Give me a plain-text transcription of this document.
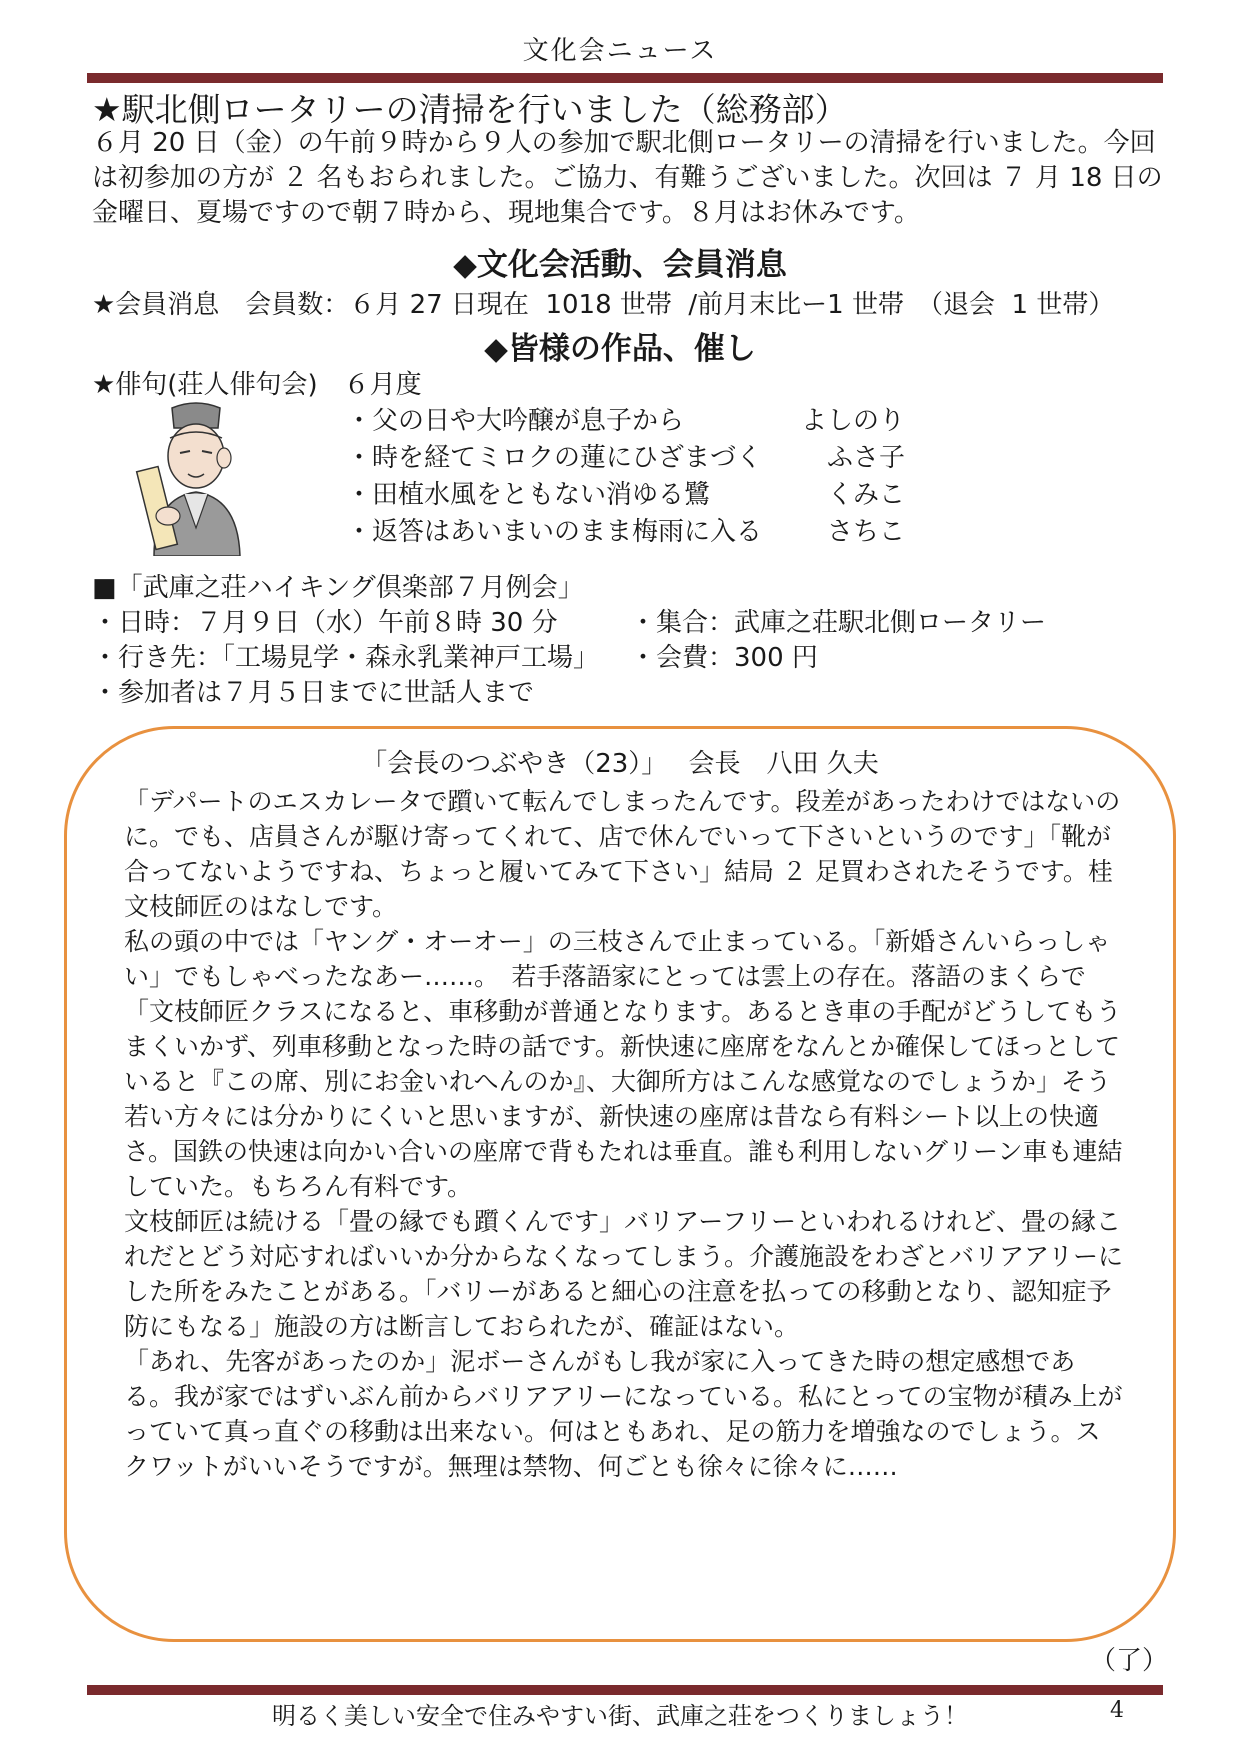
文化会ニュース
★駅北側ロータリーの清掃を行いました（総務部）
６月 20 日（金）の午前９時から９人の参加で駅北側ロータリーの清掃を行いました。今回は初参加の方が ２ 名もおられました。ご協力、有難うございました。次回は ７ 月 18 日の金曜日、夏場ですので朝７時から、現地集合です。８月はお休みです。
◆文化会活動、会員消息
★会員消息　会員数：６月 27 日現在  1018 世帯  /前月末比ー1 世帯　（退会  1 世帯）
◆皆様の作品、催し
★俳句(荘人俳句会)　６月度
・父の日や大吟醸が息子から	よしのり
・時を経てミロクの蓮にひざまづく	ふさ子
・田植水風をともない消ゆる鷺	くみこ
・返答はあいまいのまま梅雨に入る	さちこ
■「武庫之荘ハイキング倶楽部７月例会」
・日時：７月９日（水）午前８時 30 分	・集合：武庫之荘駅北側ロータリー
・行き先：「工場見学・森永乳業神戸工場」 ・会費：300 円
・参加者は７月５日までに世話人まで
「会長のつぶやき（23）」　 会長　八田 久夫

「デパートのエスカレータで躓いて転んでしまったんです。段差があったわけではないのに。でも、店員さんが駆け寄ってくれて、店で休んでいって下さいというのです」「靴が合ってないようですね、ちょっと履いてみて下さい」結局 ２ 足買わされたそうです。桂文枝師匠のはなしです。

私の頭の中では「ヤング・オーオー」の三枝さんで止まっている。「新婚さんいらっしゃい」でもしゃべったなあー……。　若手落語家にとっては雲上の存在。落語のまくらで「文枝師匠クラスになると、車移動が普通となります。あるとき車の手配がどうしてもうまくいかず、列車移動となった時の話です。新快速に座席をなんとか確保してほっとしていると『この席、別にお金いれへんのか』、大御所方はこんな感覚なのでしょうか」そう若い方々には分かりにくいと思いますが、新快速の座席は昔なら有料シート以上の快適さ。国鉄の快速は向かい合いの座席で背もたれは垂直。誰も利用しないグリーン車も連結していた。もちろん有料です。

文枝師匠は続ける「畳の縁でも躓くんです」バリアーフリーといわれるけれど、畳の縁これだとどう対応すればいいか分からなくなってしまう。介護施設をわざとバリアアリーにした所をみたことがある。「バリーがあると細心の注意を払っての移動となり、認知症予防にもなる」施設の方は断言しておられたが、確証はない。

「あれ、先客があったのか」泥ボーさんがもし我が家に入ってきた時の想定感想である。我が家ではずいぶん前からバリアアリーになっている。私にとっての宝物が積み上がっていて真っ直ぐの移動は出来ない。何はともあれ、足の筋力を増強なのでしょう。スクワットがいいそうですが。無理は禁物、何ごとも徐々に徐々に……

（了）
明るく美しい安全で住みやすい街、武庫之荘をつくりましょう！	4
